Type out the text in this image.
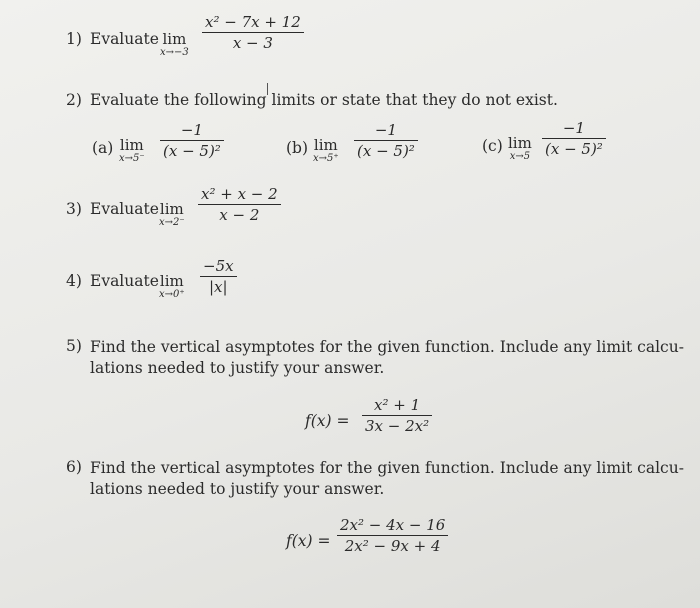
1) Evaluate lim
x→−3
x² − 7x + 12
x − 3
2) Evaluate the following limits or state that they do not exist.
(a) lim
x→5⁻
−1
(x − 5)²	(b) lim
x→5⁺
−1
(x − 5)²	(c) lim
x→5
−1
(x − 5)²
3) Evaluate lim
x→2⁻
x² + x − 2
x − 2
4) Evaluate lim
x→0⁺
−5x
|x|
5) Find the vertical asymptotes for the given function. Include any limit calcu-
lations needed to justify your answer.
f(x) =
x² + 1
3x − 2x²
6) Find the vertical asymptotes for the given function. Include any limit calcu-
lations needed to justify your answer.
f(x) =
2x² − 4x − 16
2x² − 9x + 4
